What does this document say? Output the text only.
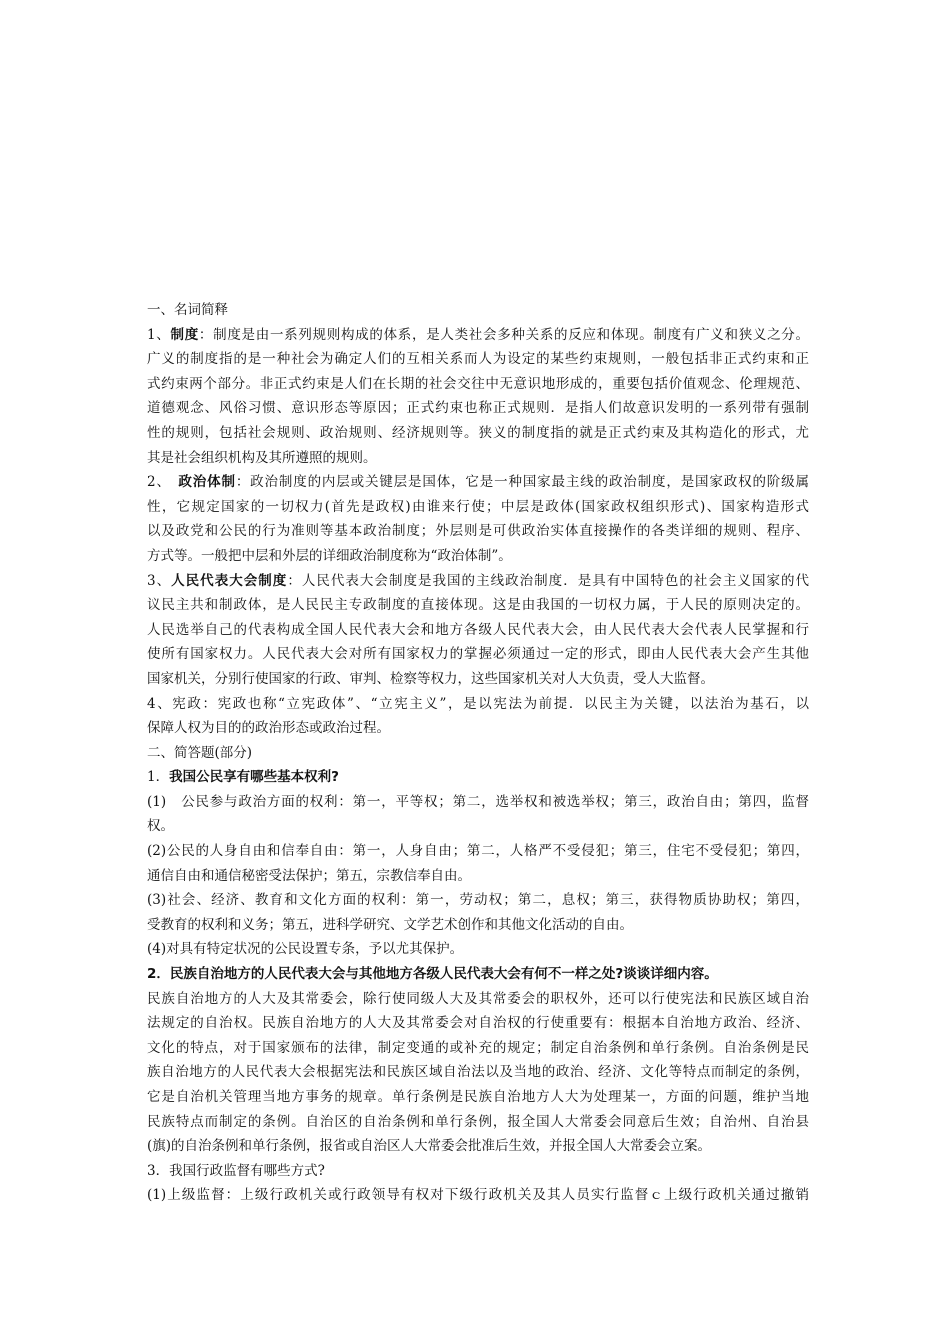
一、名词简释
1、制度：制度是由一系列规则构成的体系，是人类社会多种关系的反应和体现。制度有广义和狭义之分。
广义的制度指的是一种社会为确定人们的互相关系而人为设定的某些约束规则，一般包括非正式约束和正
式约束两个部分。非正式约束是人们在长期的社会交往中无意识地形成的，重要包括价值观念、伦理规范、
道德观念、风俗习惯、意识形态等原因；正式约束也称正式规则．是指人们故意识发明的一系列带有强制
性的规则，包括社会规则、政治规则、经济规则等。狭义的制度指的就是正式约束及其构造化的形式，尤
其是社会组织机构及其所遵照的规则。
2、　政治体制：政治制度的内层或关键层是国体，它是一种国家最主线的政治制度，是国家政权的阶级属
性，它规定国家的一切权力(首先是政权)由谁来行使；中层是政体(国家政权组织形式)、国家构造形式
以及政党和公民的行为准则等基本政治制度；外层则是可供政治实体直接操作的各类详细的规则、程序、
方式等。一般把中层和外层的详细政治制度称为“政治体制”。
3、人民代表大会制度：人民代表大会制度是我国的主线政治制度．是具有中国特色的社会主义国家的代
议民主共和制政体，是人民民主专政制度的直接体现。这是由我国的一切权力属，于人民的原则决定的。
人民选举自己的代表构成全国人民代表大会和地方各级人民代表大会，由人民代表大会代表人民掌握和行
使所有国家权力。人民代表大会对所有国家权力的掌握必须通过一定的形式，即由人民代表大会产生其他
国家机关，分别行使国家的行政、审判、检察等权力，这些国家机关对人大负责，受人大监督。
4、宪政：宪政也称“立宪政体”、“立宪主义”，是以宪法为前提．以民主为关键，以法治为基石，以
保障人权为目的的政治形态或政治过程。
二、简答题(部分)
1．我国公民享有哪些基本权利?
(1)　公民参与政治方面的权利：第一，平等权；第二，选举权和被选举权；第三，政治自由；第四，监督
权。
(2)公民的人身自由和信奉自由：第一，人身自由；第二，人格严不受侵犯；第三，住宅不受侵犯；第四，
通信自由和通信秘密受法保护；第五，宗教信奉自由。
(3)社会、经济、教育和文化方面的权利：第一，劳动权；第二，息权；第三，获得物质协助权；第四，
受教育的权利和义务；第五，进科学研究、文学艺术创作和其他文化活动的自由。
(4)对具有特定状况的公民设置专条，予以尤其保护。
2．民族自治地方的人民代表大会与其他地方各级人民代表大会有何不一样之处?谈谈详细内容。
民族自治地方的人大及其常委会，除行使同级人大及其常委会的职权外，还可以行使宪法和民族区域自治
法规定的自治权。民族自治地方的人大及其常委会对自治权的行使重要有：根据本自治地方政治、经济、
文化的特点，对于国家颁布的法律，制定变通的或补充的规定；制定自治条例和单行条例。自治条例是民
族自治地方的人民代表大会根据宪法和民族区域自治法以及当地的政治、经济、文化等特点而制定的条例，
它是自治机关管理当地方事务的规章。单行条例是民族自治地方人大为处理某一，方面的问题，维护当地
民族特点而制定的条例。自治区的自治条例和单行条例，报全国人大常委会同意后生效；自治州、自治县
(旗)的自治条例和单行条例，报省或自治区人大常委会批准后生效，并报全国人大常委会立案。
3．我国行政监督有哪些方式?
(1)上级监督：上级行政机关或行政领导有权对下级行政机关及其人员实行监督ｃ上级行政机关通过撤销
